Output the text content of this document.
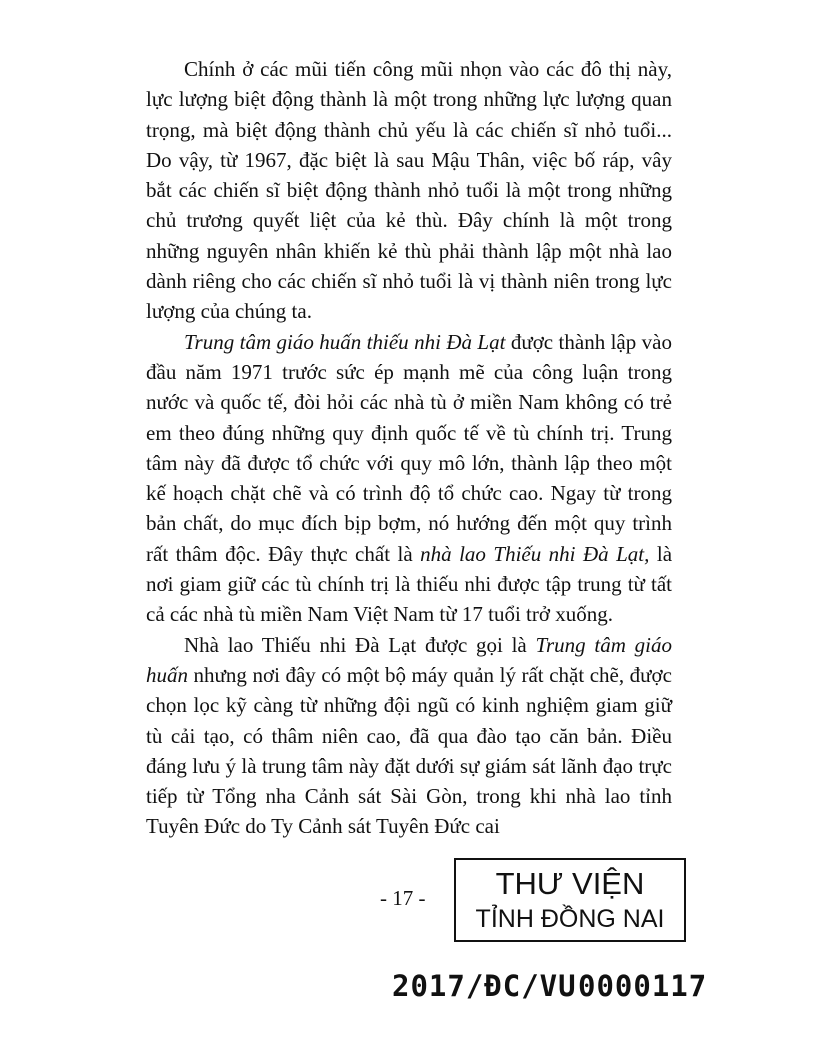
Chính ở các mũi tiến công mũi nhọn vào các đô thị này, lực lượng biệt động thành là một trong những lực lượng quan trọng, mà biệt động thành chủ yếu là các chiến sĩ nhỏ tuổi... Do vậy, từ 1967, đặc biệt là sau Mậu Thân, việc bố ráp, vây bắt các chiến sĩ biệt động thành nhỏ tuổi là một trong những chủ trương quyết liệt của kẻ thù. Đây chính là một trong những nguyên nhân khiến kẻ thù phải thành lập một nhà lao dành riêng cho các chiến sĩ nhỏ tuổi là vị thành niên trong lực lượng của chúng ta.

Trung tâm giáo huấn thiếu nhi Đà Lạt được thành lập vào đầu năm 1971 trước sức ép mạnh mẽ của công luận trong nước và quốc tế, đòi hỏi các nhà tù ở miền Nam không có trẻ em theo đúng những quy định quốc tế về tù chính trị. Trung tâm này đã được tổ chức với quy mô lớn, thành lập theo một kế hoạch chặt chẽ và có trình độ tổ chức cao. Ngay từ trong bản chất, do mục đích bịp bợm, nó hướng đến một quy trình rất thâm độc. Đây thực chất là nhà lao Thiếu nhi Đà Lạt, là nơi giam giữ các tù chính trị là thiếu nhi được tập trung từ tất cả các nhà tù miền Nam Việt Nam từ 17 tuổi trở xuống.

Nhà lao Thiếu nhi Đà Lạt được gọi là Trung tâm giáo huấn nhưng nơi đây có một bộ máy quản lý rất chặt chẽ, được chọn lọc kỹ càng từ những đội ngũ có kinh nghiệm giam giữ tù cải tạo, có thâm niên cao, đã qua đào tạo căn bản. Điều đáng lưu ý là trung tâm này đặt dưới sự giám sát lãnh đạo trực tiếp từ Tổng nha Cảnh sát Sài Gòn, trong khi nhà lao tỉnh Tuyên Đức do Ty Cảnh sát Tuyên Đức cai

- 17 -	THƯ VIỆN
TỈNH ĐỒNG NAI
2017/ĐC/VU 0000117
